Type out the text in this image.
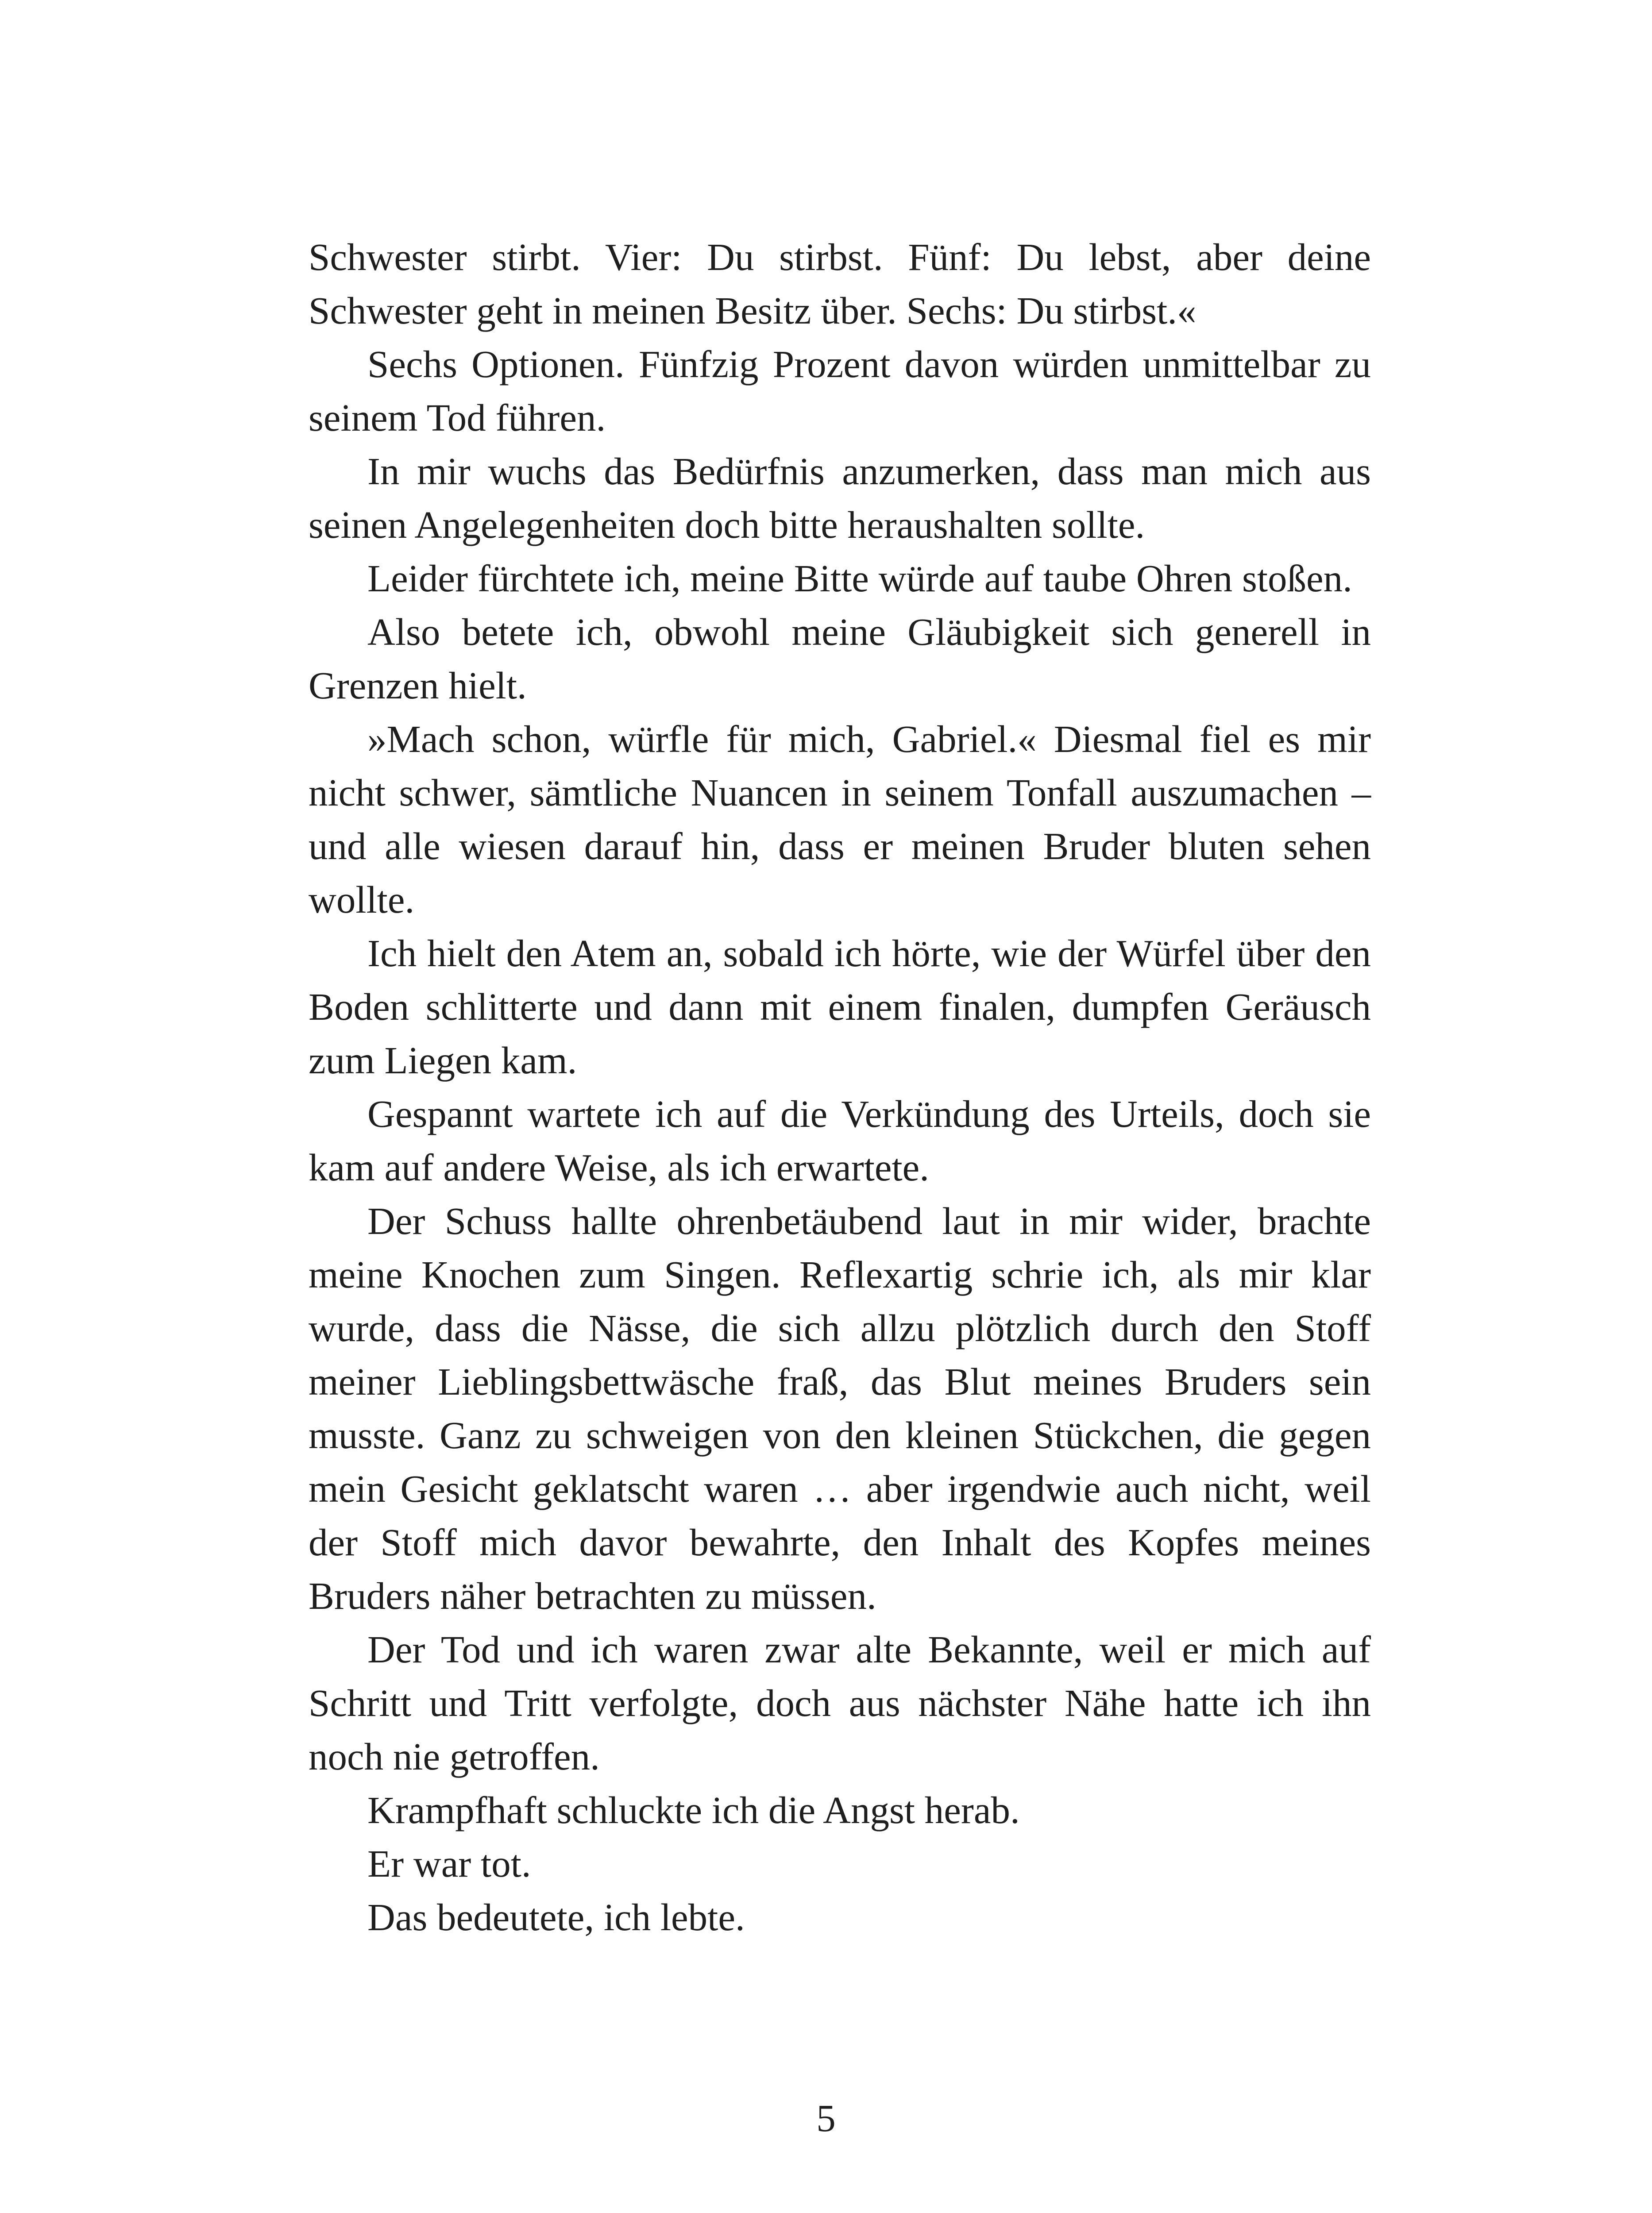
Schwester stirbt. Vier: Du stirbst. Fünf: Du lebst, aber deine Schwester geht in meinen Besitz über. Sechs: Du stirbst.«

Sechs Optionen. Fünfzig Prozent davon würden unmittelbar zu seinem Tod führen.

In mir wuchs das Bedürfnis anzumerken, dass man mich aus seinen Angelegenheiten doch bitte heraushalten sollte.

Leider fürchtete ich, meine Bitte würde auf taube Ohren stoßen.

Also betete ich, obwohl meine Gläubigkeit sich generell in Grenzen hielt.

»Mach schon, würfle für mich, Gabriel.« Diesmal fiel es mir nicht schwer, sämtliche Nuancen in seinem Tonfall auszumachen – und alle wiesen darauf hin, dass er meinen Bruder bluten sehen wollte.

Ich hielt den Atem an, sobald ich hörte, wie der Würfel über den Boden schlitterte und dann mit einem finalen, dumpfen Geräusch zum Liegen kam.

Gespannt wartete ich auf die Verkündung des Urteils, doch sie kam auf andere Weise, als ich erwartete.

Der Schuss hallte ohrenbetäubend laut in mir wider, brachte meine Knochen zum Singen. Reflexartig schrie ich, als mir klar wurde, dass die Nässe, die sich allzu plötzlich durch den Stoff meiner Lieblingsbettwäsche fraß, das Blut meines Bruders sein musste. Ganz zu schweigen von den kleinen Stückchen, die gegen mein Gesicht geklatscht waren … aber irgendwie auch nicht, weil der Stoff mich davor bewahrte, den Inhalt des Kopfes meines Bruders näher betrachten zu müssen.

Der Tod und ich waren zwar alte Bekannte, weil er mich auf Schritt und Tritt verfolgte, doch aus nächster Nähe hatte ich ihn noch nie getroffen.

Krampfhaft schluckte ich die Angst herab.

Er war tot.

Das bedeutete, ich lebte.

5
